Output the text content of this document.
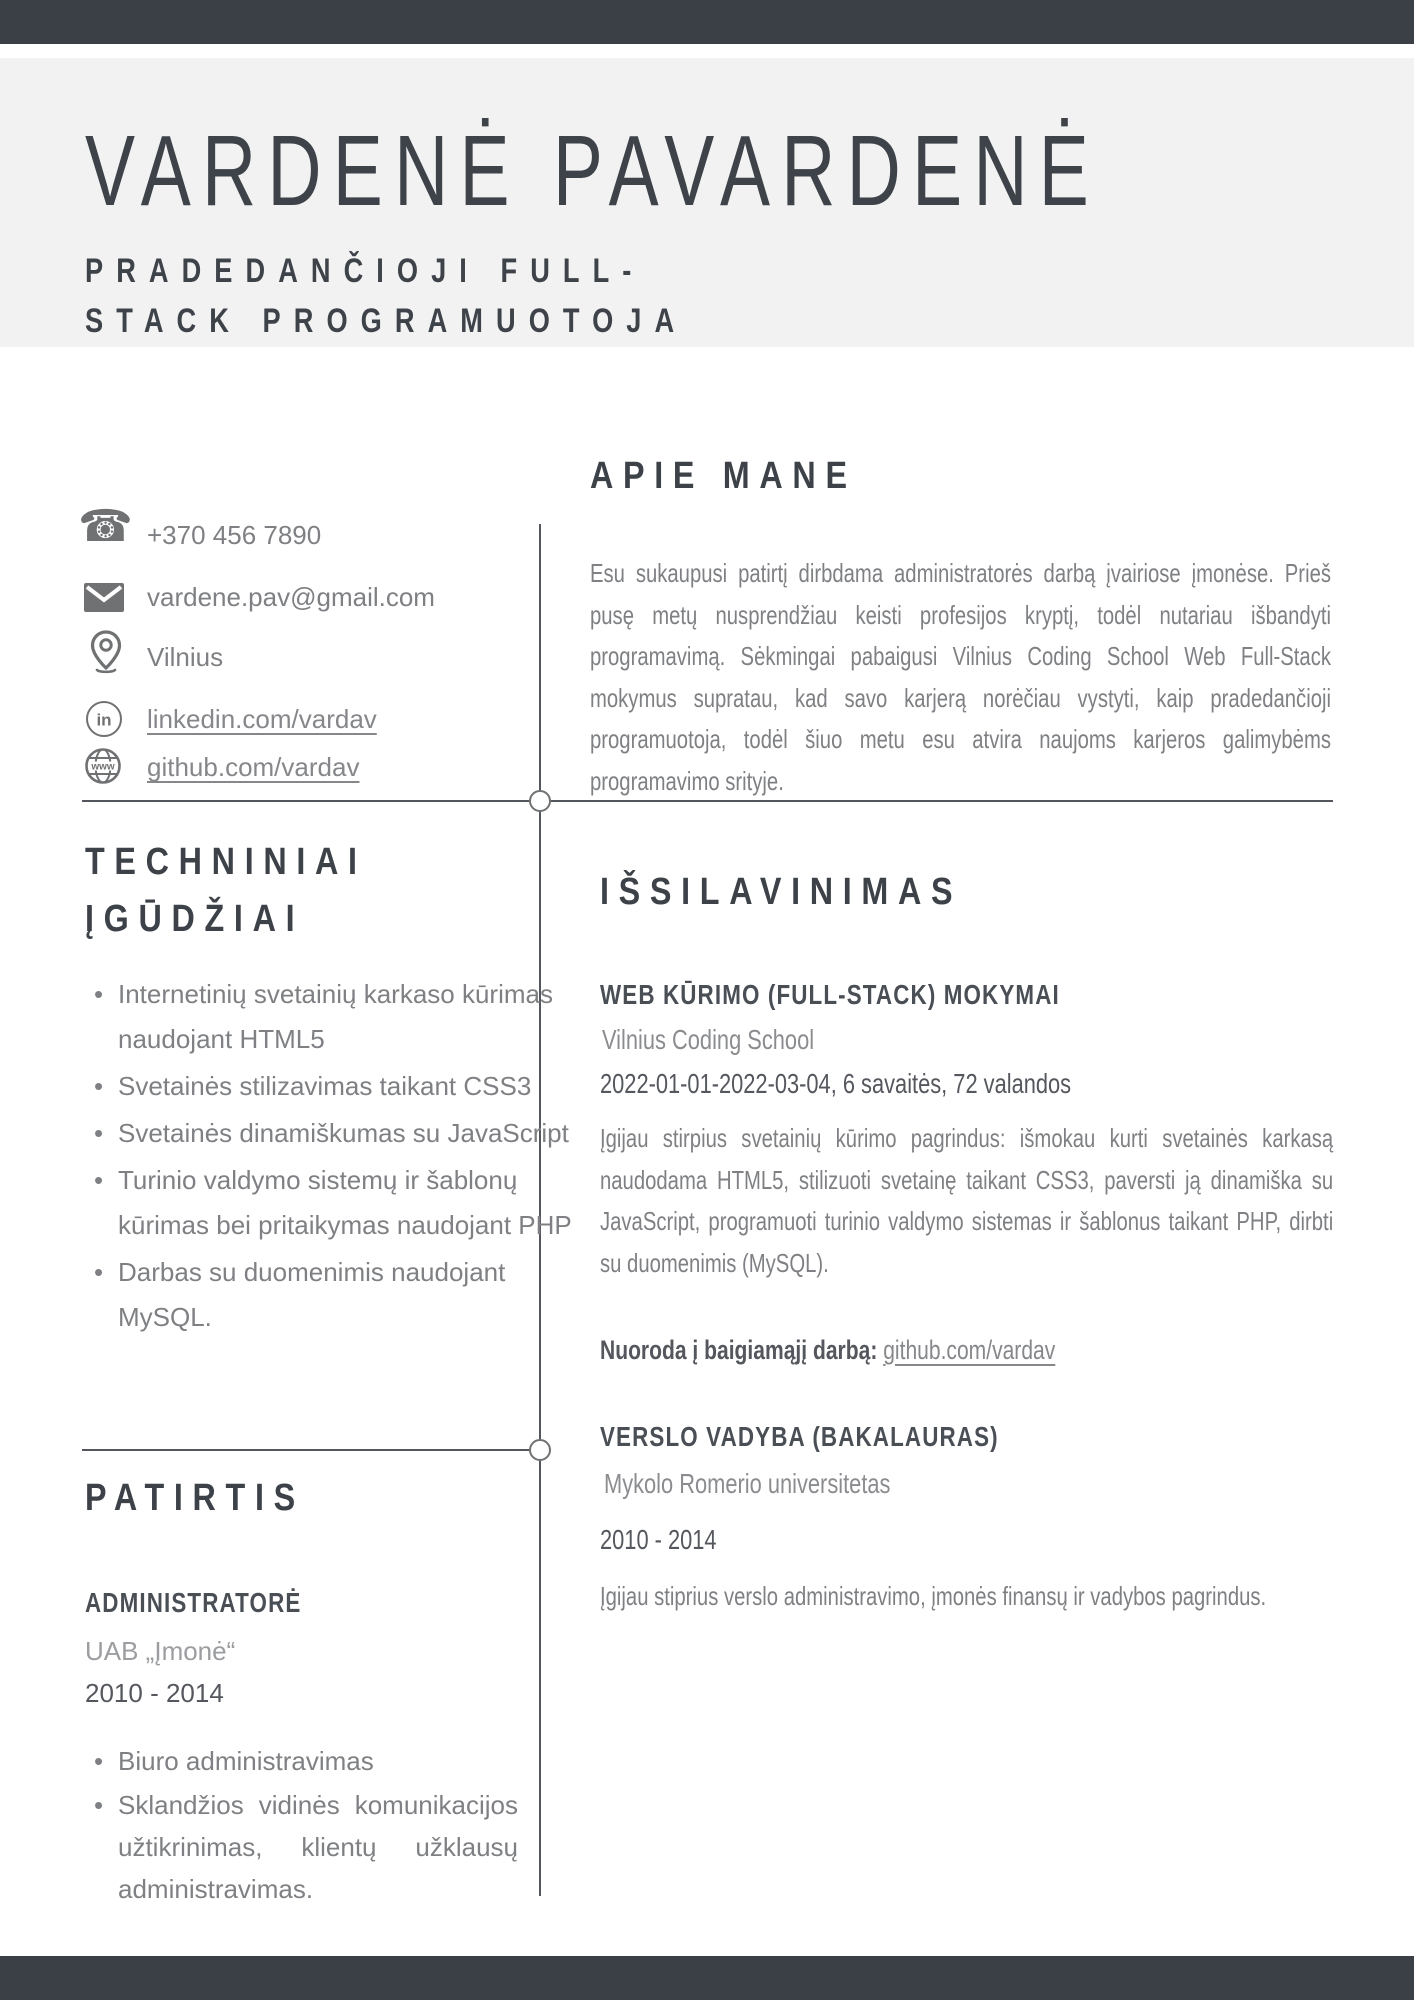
VARDENĖ PAVARDENĖ
PRADEDANČIOJI FULL-STACK PROGRAMUOTOJA
☎ +370 456 7890
vardene.pav@gmail.com
Vilnius
in linkedin.com/vardav
www github.com/vardav
APIE MANE
Esu sukaupusi patirtį dirbdama administratorės darbą įvairiose įmonėse. Prieš pusę metų nusprendžiau keisti profesijos kryptį, todėl nutariau išbandyti programavimą. Sėkmingai pabaigusi Vilnius Coding School Web Full-Stack mokymus supratau, kad savo karjerą norėčiau vystyti, kaip pradedančioji programuotoja, todėl šiuo metu esu atvira naujoms karjeros galimybėms programavimo srityje.
TECHNINIAI ĮGŪDŽIAI
• Internetinių svetainių karkaso kūrimas naudojant HTML5
• Svetainės stilizavimas taikant CSS3
• Svetainės dinamiškumas su JavaScript
• Turinio valdymo sistemų ir šablonų kūrimas bei pritaikymas naudojant PHP
• Darbas su duomenimis naudojant MySQL.
IŠSILAVINIMAS
WEB KŪRIMO (FULL-STACK) MOKYMAI
Vilnius Coding School
2022-01-01-2022-03-04, 6 savaitės, 72 valandos
Įgijau stirpius svetainių kūrimo pagrindus: išmokau kurti svetainės karkasą naudodama HTML5, stilizuoti svetainę taikant CSS3, paversti ją dinamiška su JavaScript, programuoti turinio valdymo sistemas ir šablonus taikant PHP, dirbti su duomenimis (MySQL).
Nuoroda į baigiamąjį darbą: github.com/vardav
VERSLO VADYBA (BAKALAURAS)
Mykolo Romerio universitetas
2010 - 2014
Įgijau stiprius verslo administravimo, įmonės finansų ir vadybos pagrindus.
PATIRTIS
ADMINISTRATORĖ
UAB „Įmonė“
2010 - 2014
• Biuro administravimas
• Sklandžios vidinės komunikacijos užtikrinimas, klientų užklausų administravimas.
